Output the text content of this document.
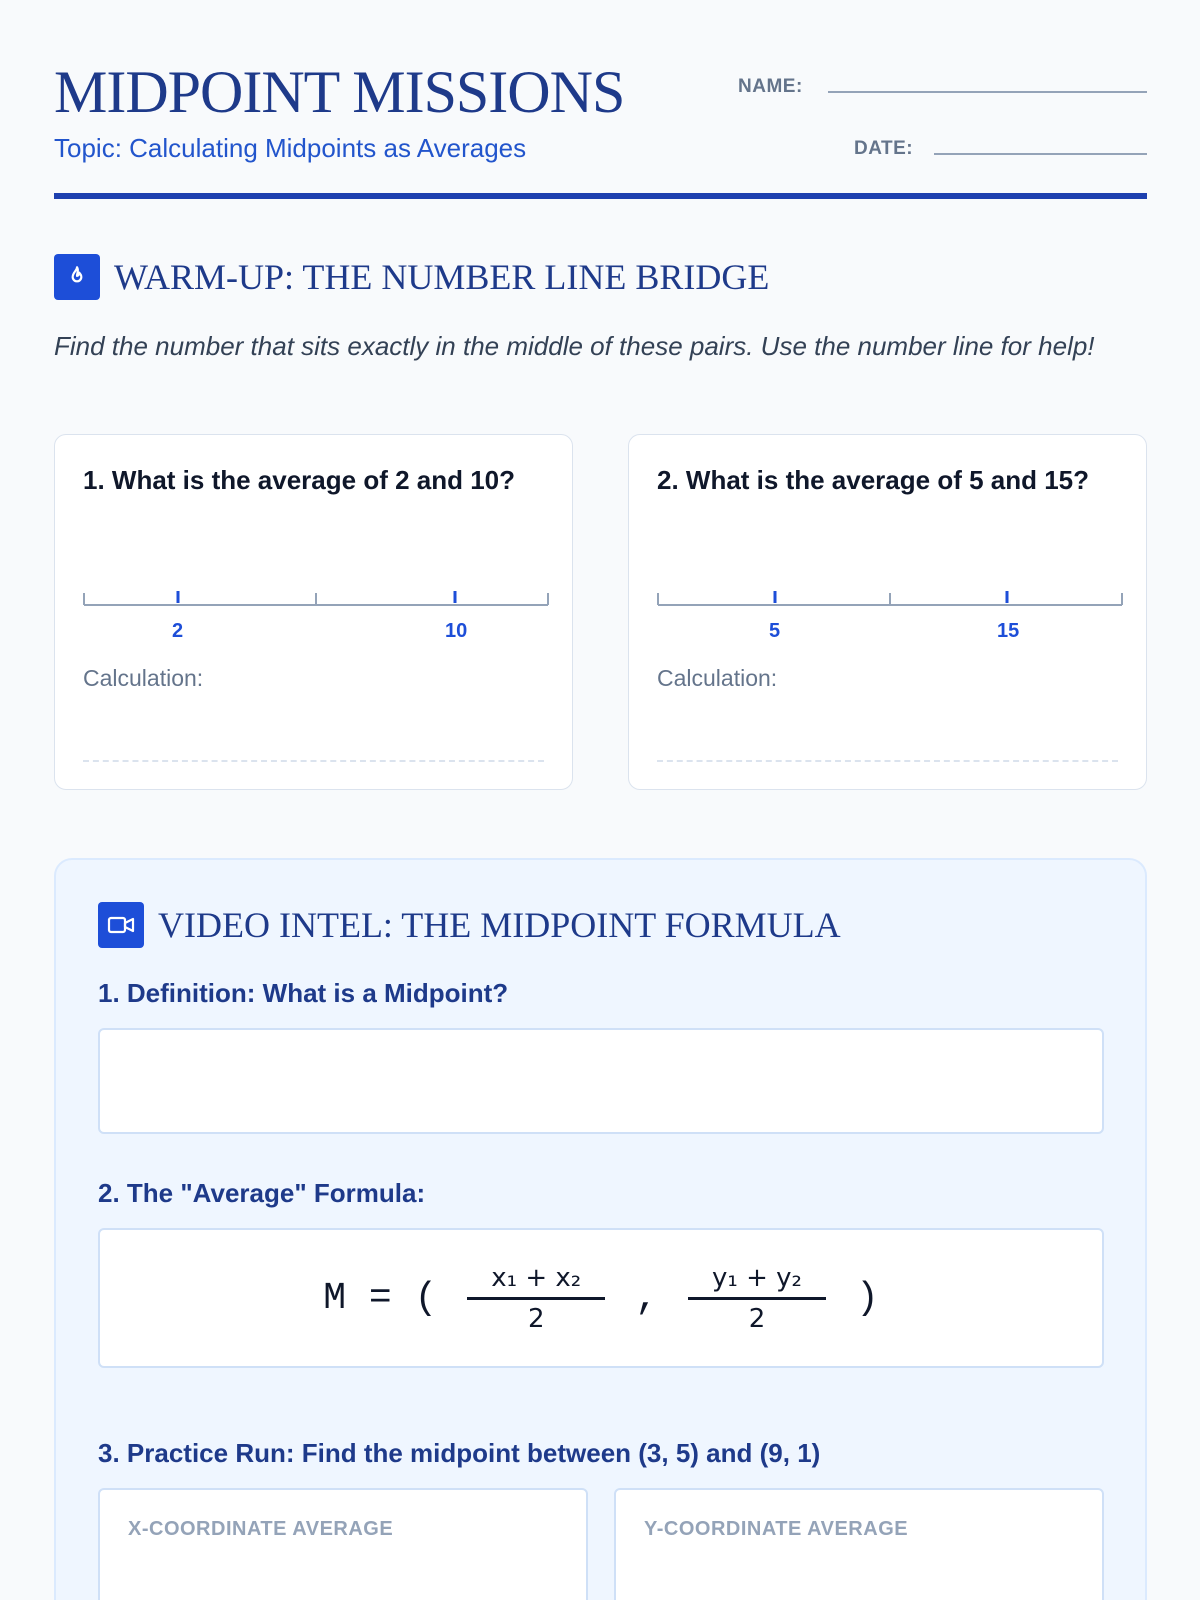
MIDPOINT MISSIONS
Topic: Calculating Midpoints as Averages
NAME:
DATE:
WARM-UP: THE NUMBER LINE BRIDGE
Find the number that sits exactly in the middle of these pairs. Use the number line for help!
1. What is the average of 2 and 10?
2	10
Calculation:
2. What is the average of 5 and 15?
5	15
Calculation:
VIDEO INTEL: THE MIDPOINT FORMULA
1. Definition: What is a Midpoint?
2. The "Average" Formula:
M = ( $\frac{\text{x₁ + x₂}}{2}$ , $\frac{\text{y₁ + y₂}}{2}$ )
3. Practice Run: Find the midpoint between (3, 5) and (9, 1)
X-COORDINATE AVERAGE	Y-COORDINATE AVERAGE
